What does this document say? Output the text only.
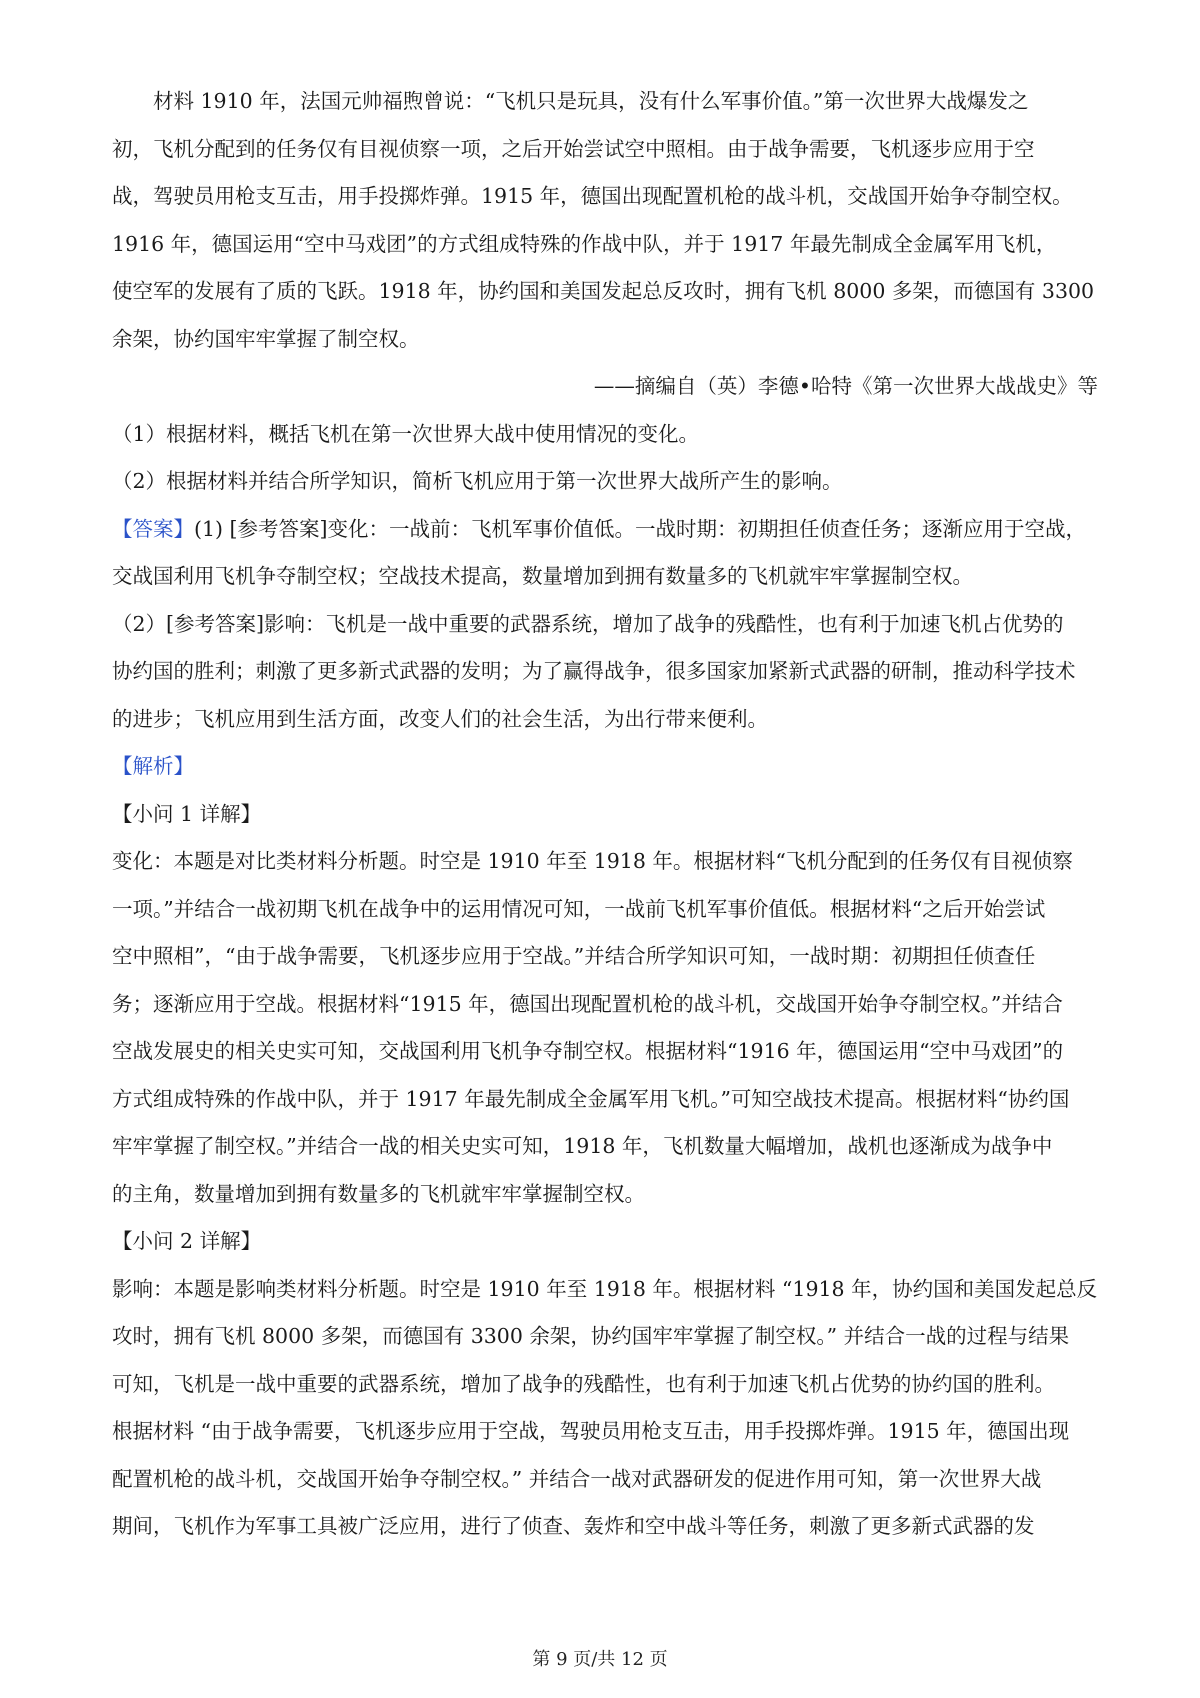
材料 1910 年，法国元帅福煦曾说：“飞机只是玩具，没有什么军事价值。”第一次世界大战爆发之

初，飞机分配到的任务仅有目视侦察一项，之后开始尝试空中照相。由于战争需要，飞机逐步应用于空

战，驾驶员用枪支互击，用手投掷炸弹。1915 年，德国出现配置机枪的战斗机，交战国开始争夺制空权。

1916 年，德国运用“空中马戏团”的方式组成特殊的作战中队，并于 1917 年最先制成全金属军用飞机，

使空军的发展有了质的飞跃。1918 年，协约国和美国发起总反攻时，拥有飞机 8000 多架，而德国有 3300

余架，协约国牢牢掌握了制空权。

——摘编自（英）李德•哈特《第一次世界大战战史》等

（1）根据材料，概括飞机在第一次世界大战中使用情况的变化。

（2）根据材料并结合所学知识，简析飞机应用于第一次世界大战所产生的影响。

【答案】(1) [参考答案]变化：一战前：飞机军事价值低。一战时期：初期担任侦查任务；逐渐应用于空战，

交战国利用飞机争夺制空权；空战技术提高，数量增加到拥有数量多的飞机就牢牢掌握制空权。

（2）[参考答案]影响：飞机是一战中重要的武器系统，增加了战争的残酷性，也有利于加速飞机占优势的

协约国的胜利；刺激了更多新式武器的发明；为了赢得战争，很多国家加紧新式武器的研制，推动科学技术

的进步；飞机应用到生活方面，改变人们的社会生活，为出行带来便利。

【解析】

【小问 1 详解】

变化：本题是对比类材料分析题。时空是 1910 年至 1918 年。根据材料“飞机分配到的任务仅有目视侦察

一项。”并结合一战初期飞机在战争中的运用情况可知，一战前飞机军事价值低。根据材料“之后开始尝试

空中照相”，“由于战争需要，飞机逐步应用于空战。”并结合所学知识可知，一战时期：初期担任侦查任

务；逐渐应用于空战。根据材料“1915 年，德国出现配置机枪的战斗机，交战国开始争夺制空权。”并结合

空战发展史的相关史实可知，交战国利用飞机争夺制空权。根据材料“1916 年，德国运用“空中马戏团”的

方式组成特殊的作战中队，并于 1917 年最先制成全金属军用飞机。”可知空战技术提高。根据材料“协约国

牢牢掌握了制空权。”并结合一战的相关史实可知，1918 年，飞机数量大幅增加，战机也逐渐成为战争中

的主角，数量增加到拥有数量多的飞机就牢牢掌握制空权。

【小问 2 详解】

影响：本题是影响类材料分析题。时空是 1910 年至 1918 年。根据材料 “1918 年，协约国和美国发起总反

攻时，拥有飞机 8000 多架，而德国有 3300 余架，协约国牢牢掌握了制空权。” 并结合一战的过程与结果

可知，飞机是一战中重要的武器系统，增加了战争的残酷性，也有利于加速飞机占优势的协约国的胜利。

根据材料 “由于战争需要，飞机逐步应用于空战，驾驶员用枪支互击，用手投掷炸弹。1915 年，德国出现

配置机枪的战斗机，交战国开始争夺制空权。” 并结合一战对武器研发的促进作用可知，第一次世界大战

期间，飞机作为军事工具被广泛应用，进行了侦查、轰炸和空中战斗等任务，刺激了更多新式武器的发

第 9 页/共 12 页
